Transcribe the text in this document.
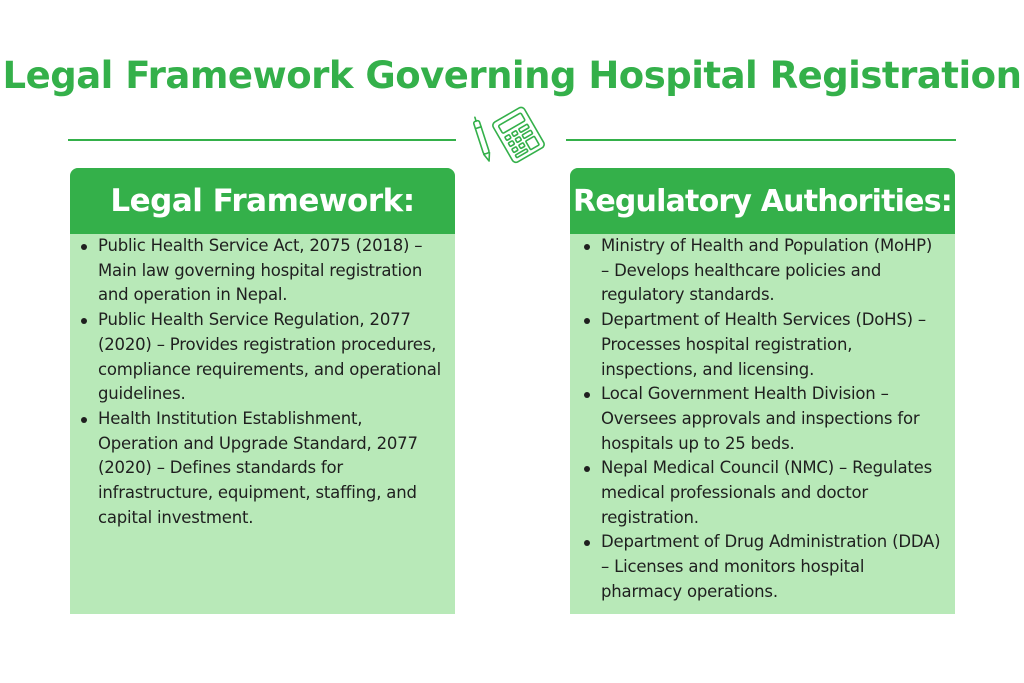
Legal Framework Governing Hospital Registration
Legal Framework:
Public Health Service Act, 2075 (2018) – Main law governing hospital registration and operation in Nepal.
Public Health Service Regulation, 2077 (2020) – Provides registration procedures, compliance requirements, and operational guidelines.
Health Institution Establishment, Operation and Upgrade Standard, 2077 (2020) – Defines standards for infrastructure, equipment, staffing, and capital investment.
Regulatory Authorities:
Ministry of Health and Population (MoHP) – Develops healthcare policies and regulatory standards.
Department of Health Services (DoHS) – Processes hospital registration, inspections, and licensing.
Local Government Health Division – Oversees approvals and inspections for hospitals up to 25 beds.
Nepal Medical Council (NMC) – Regulates medical professionals and doctor registration.
Department of Drug Administration (DDA) – Licenses and monitors hospital pharmacy operations.
